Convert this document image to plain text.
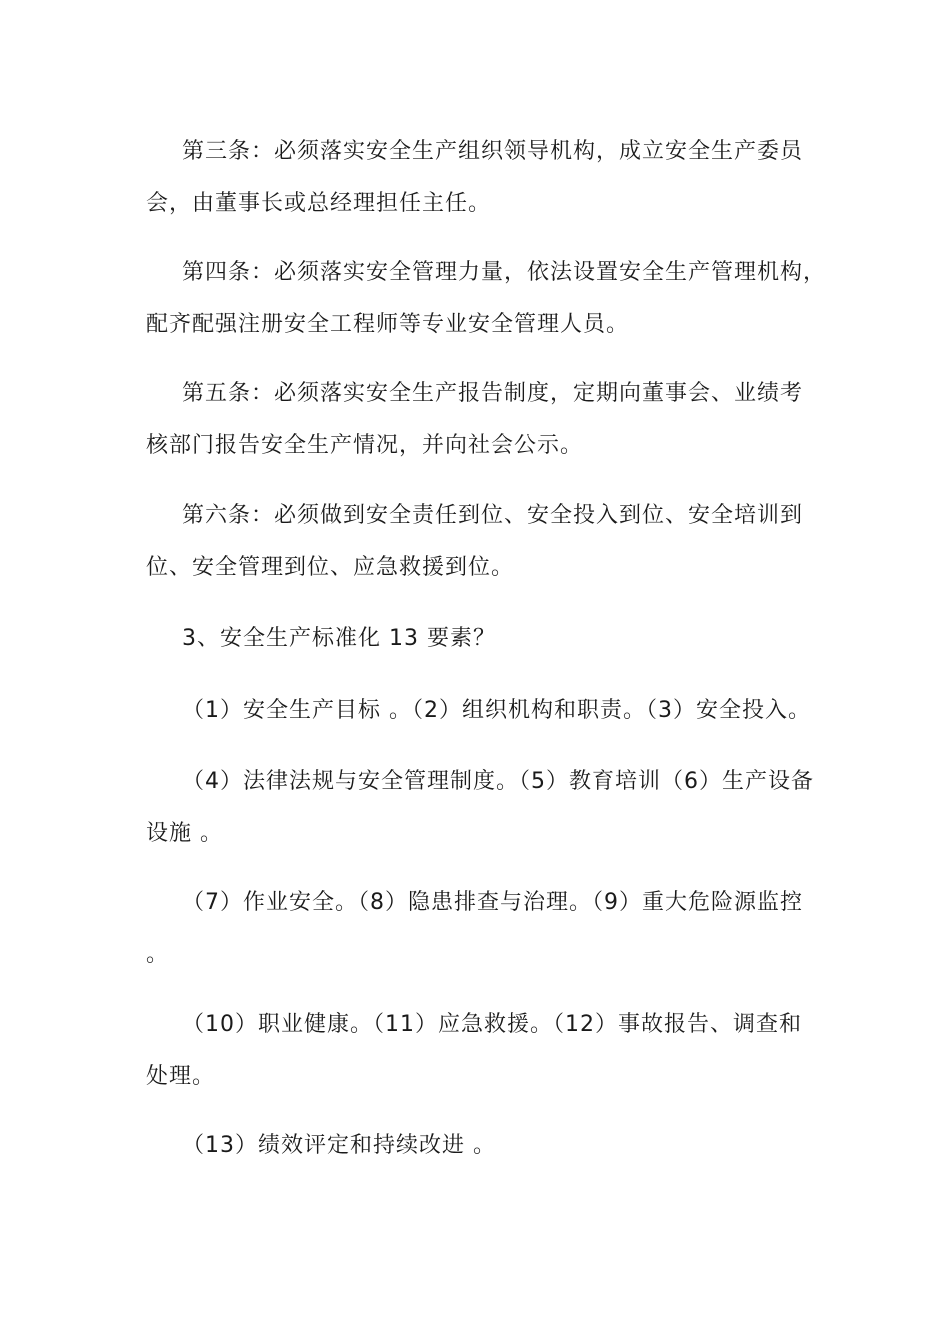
第三条：必须落实安全生产组织领导机构，成立安全生产委员
会，由董事长或总经理担任主任。

第四条：必须落实安全管理力量，依法设置安全生产管理机构，
配齐配强注册安全工程师等专业安全管理人员。

第五条：必须落实安全生产报告制度，定期向董事会、业绩考
核部门报告安全生产情况，并向社会公示。

第六条：必须做到安全责任到位、安全投入到位、安全培训到
位、安全管理到位、应急救援到位。

3、安全生产标准化 13 要素？

（1）安全生产目标 。（2）组织机构和职责。（3）安全投入。

（4）法律法规与安全管理制度。（5）教育培训（6）生产设备
设施 。

（7）作业安全。（8）隐患排查与治理。（9）重大危险源监控
。

（10）职业健康。（11）应急救援。（12）事故报告、调查和
处理。

（13）绩效评定和持续改进 。
